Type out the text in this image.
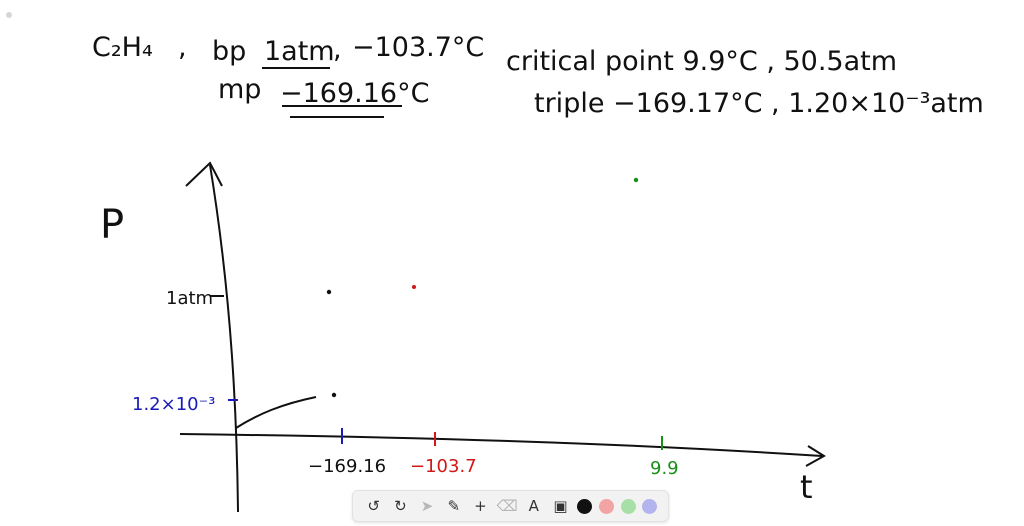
C₂H₄ , bp 1atm
, −103.7°C critical point 9.9°C , 50.5atm
mp −169.16°C	triple −169.17°C , 1.20×10⁻³atm
P
t
1atm
1.2×10⁻³
−169.16 −103.7	9.9
↺ ↻ ➤ ✎ + ⌫ A ▣
